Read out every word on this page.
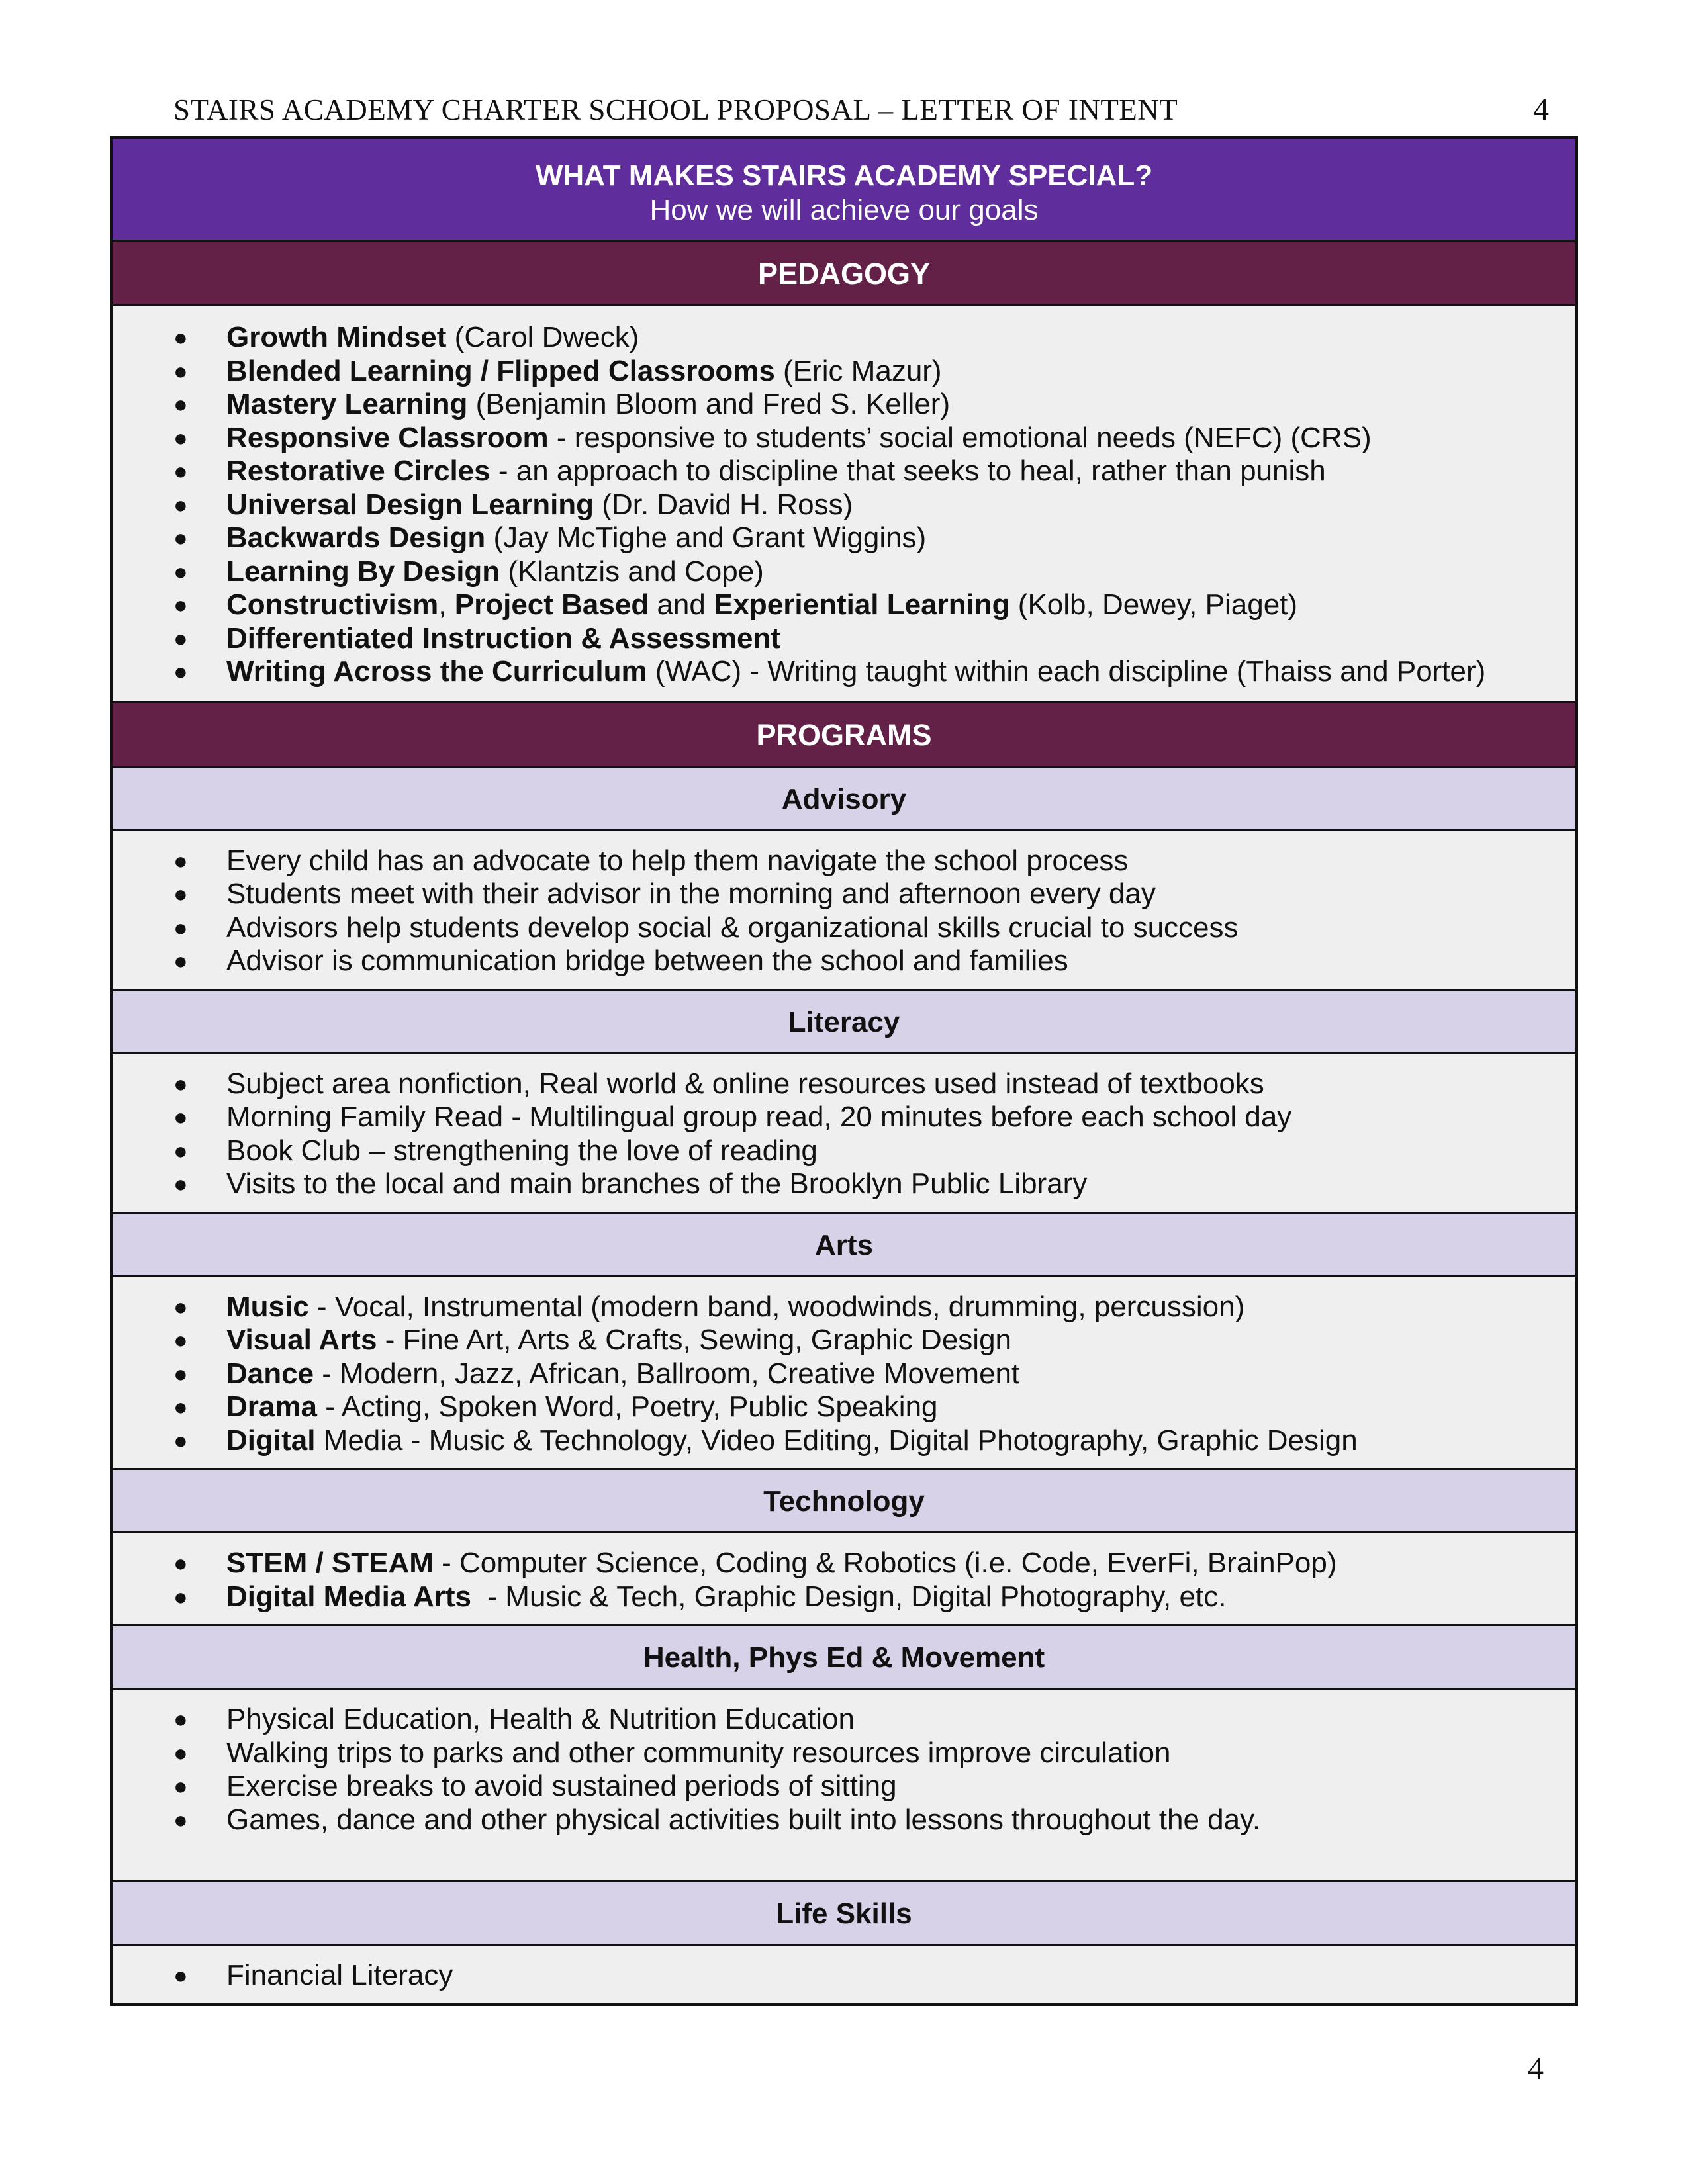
STAIRS ACADEMY CHARTER SCHOOL PROPOSAL – LETTER OF INTENT	4
WHAT MAKES STAIRS ACADEMY SPECIAL?
How we will achieve our goals
PEDAGOGY
● Growth Mindset (Carol Dweck)
● Blended Learning / Flipped Classrooms (Eric Mazur)
● Mastery Learning (Benjamin Bloom and Fred S. Keller)
● Responsive Classroom - responsive to students’ social emotional needs (NEFC) (CRS)
● Restorative Circles - an approach to discipline that seeks to heal, rather than punish
● Universal Design Learning (Dr. David H. Ross)
● Backwards Design (Jay McTighe and Grant Wiggins)
● Learning By Design (Klantzis and Cope)
● Constructivism, Project Based and Experiential Learning (Kolb, Dewey, Piaget)
● Differentiated Instruction & Assessment
● Writing Across the Curriculum (WAC) - Writing taught within each discipline (Thaiss and Porter)
PROGRAMS
Advisory
● Every child has an advocate to help them navigate the school process
● Students meet with their advisor in the morning and afternoon every day
● Advisors help students develop social & organizational skills crucial to success
● Advisor is communication bridge between the school and families
Literacy
● Subject area nonfiction, Real world & online resources used instead of textbooks
● Morning Family Read - Multilingual group read, 20 minutes before each school day
● Book Club – strengthening the love of reading
● Visits to the local and main branches of the Brooklyn Public Library
Arts
● Music - Vocal, Instrumental (modern band, woodwinds, drumming, percussion)
● Visual Arts - Fine Art, Arts & Crafts, Sewing, Graphic Design
● Dance - Modern, Jazz, African, Ballroom, Creative Movement
● Drama - Acting, Spoken Word, Poetry, Public Speaking
● Digital Media - Music & Technology, Video Editing, Digital Photography, Graphic Design
Technology
● STEM / STEAM - Computer Science, Coding & Robotics (i.e. Code, EverFi, BrainPop)
● Digital Media Arts  - Music & Tech, Graphic Design, Digital Photography, etc.
Health, Phys Ed & Movement
● Physical Education, Health & Nutrition Education
● Walking trips to parks and other community resources improve circulation
● Exercise breaks to avoid sustained periods of sitting
● Games, dance and other physical activities built into lessons throughout the day.
Life Skills
● Financial Literacy
4
